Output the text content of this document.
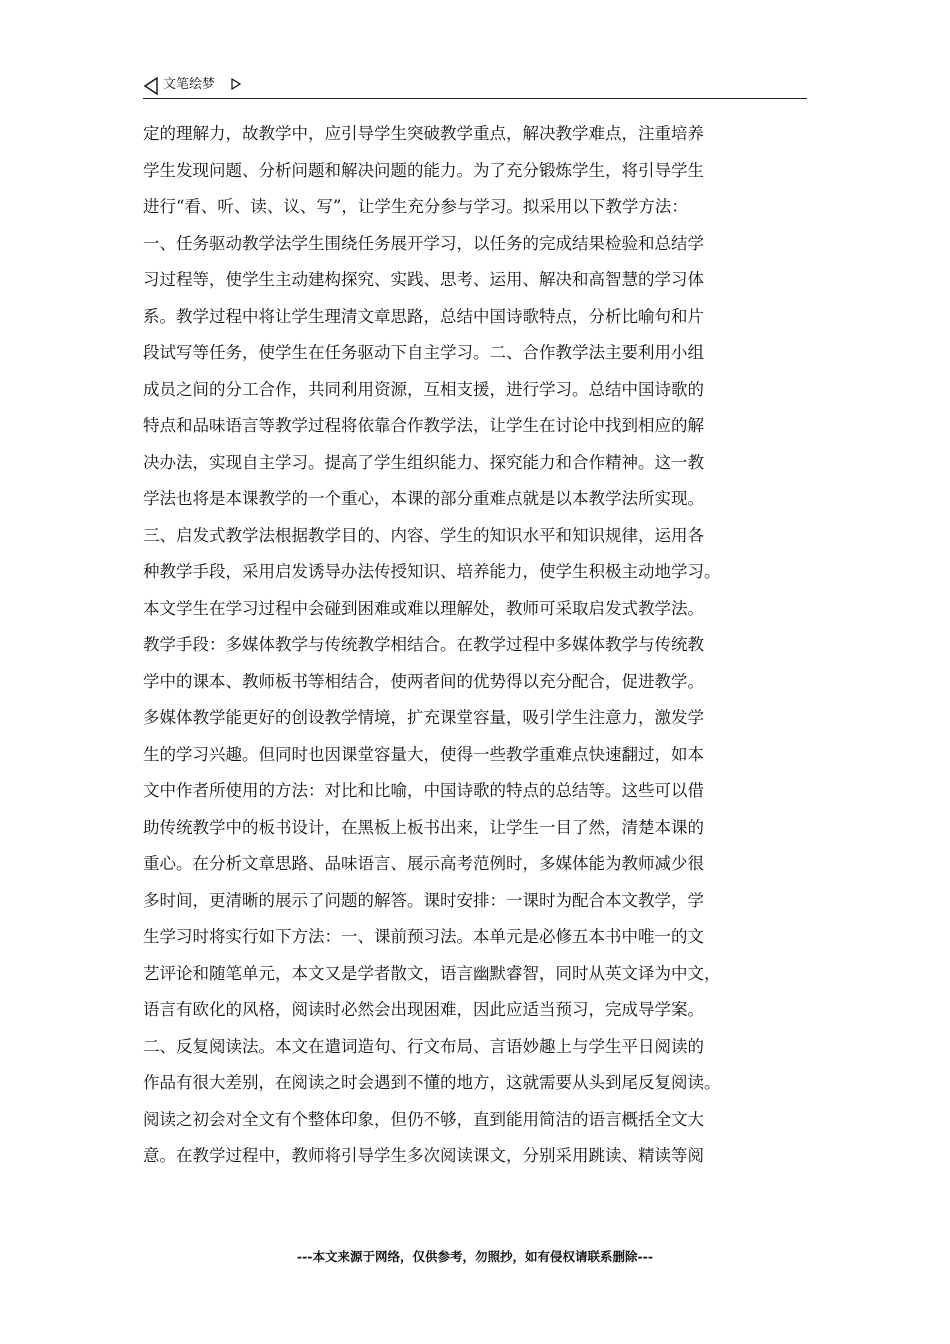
文笔绘梦
定的理解力，故教学中，应引导学生突破教学重点，解决教学难点，注重培养
学生发现问题、分析问题和解决问题的能力。为了充分锻炼学生，将引导学生
进行“看、听、读、议、写”，让学生充分参与学习。拟采用以下教学方法：
一、任务驱动教学法学生围绕任务展开学习，以任务的完成结果检验和总结学
习过程等，使学生主动建构探究、实践、思考、运用、解决和高智慧的学习体
系。教学过程中将让学生理清文章思路，总结中国诗歌特点，分析比喻句和片
段试写等任务，使学生在任务驱动下自主学习。二、合作教学法主要利用小组
成员之间的分工合作，共同利用资源，互相支援，进行学习。总结中国诗歌的
特点和品味语言等教学过程将依靠合作教学法，让学生在讨论中找到相应的解
决办法，实现自主学习。提高了学生组织能力、探究能力和合作精神。这一教
学法也将是本课教学的一个重心，本课的部分重难点就是以本教学法所实现。
三、启发式教学法根据教学目的、内容、学生的知识水平和知识规律，运用各
种教学手段，采用启发诱导办法传授知识、培养能力，使学生积极主动地学习。
本文学生在学习过程中会碰到困难或难以理解处，教师可采取启发式教学法。
教学手段：多媒体教学与传统教学相结合。在教学过程中多媒体教学与传统教
学中的课本、教师板书等相结合，使两者间的优势得以充分配合，促进教学。
多媒体教学能更好的创设教学情境，扩充课堂容量，吸引学生注意力，激发学
生的学习兴趣。但同时也因课堂容量大，使得一些教学重难点快速翻过，如本
文中作者所使用的方法：对比和比喻，中国诗歌的特点的总结等。这些可以借
助传统教学中的板书设计，在黑板上板书出来，让学生一目了然，清楚本课的
重心。在分析文章思路、品味语言、展示高考范例时，多媒体能为教师减少很
多时间，更清晰的展示了问题的解答。课时安排：一课时为配合本文教学，学
生学习时将实行如下方法：一、课前预习法。本单元是必修五本书中唯一的文
艺评论和随笔单元，本文又是学者散文，语言幽默睿智，同时从英文译为中文，
语言有欧化的风格，阅读时必然会出现困难，因此应适当预习，完成导学案。
二、反复阅读法。本文在遣词造句、行文布局、言语妙趣上与学生平日阅读的
作品有很大差别，在阅读之时会遇到不懂的地方，这就需要从头到尾反复阅读。
阅读之初会对全文有个整体印象，但仍不够，直到能用简洁的语言概括全文大
意。在教学过程中，教师将引导学生多次阅读课文，分别采用跳读、精读等阅
---本文来源于网络，仅供参考，勿照抄，如有侵权请联系删除---
